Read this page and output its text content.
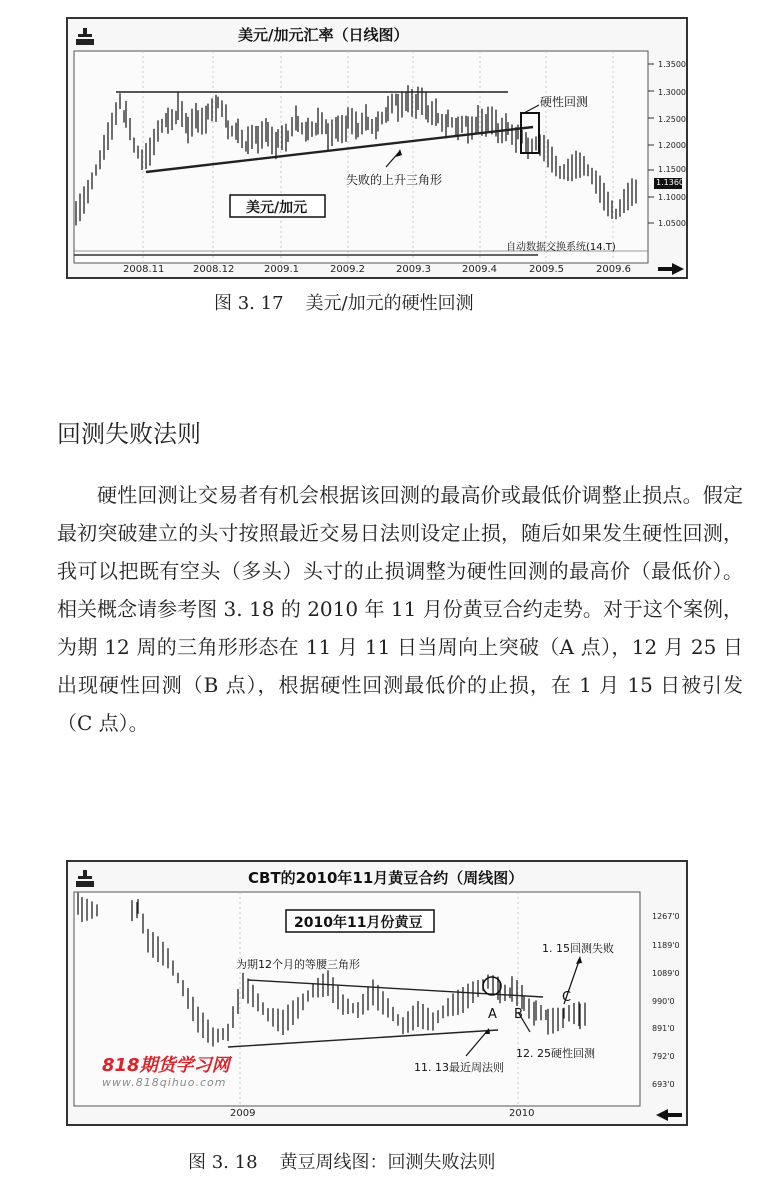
美元/加元汇率（日线图）
美元/加元
硬性回测
失败的上升三角形
自动数据交换系统(14.T)
1.1360
1.3500
1.3000
1.2500
1.2000
1.1500
1.1000
1.0500
2008.11	2008.12	2009.1	2009.2	2009.3	2009.4	2009.5	2009.6
图 3. 17 美元/加元的硬性回测
回测失败法则
硬性回测让交易者有机会根据该回测的最高价或最低价调整止损点。假定最初突破建立的头寸按照最近交易日法则设定止损，随后如果发生硬性回测，我可以把既有空头（多头）头寸的止损调整为硬性回测的最高价（最低价）。相关概念请参考图 3. 18 的 2010 年 11 月份黄豆合约走势。对于这个案例，为期 12 周的三角形形态在 11 月 11 日当周向上突破（A 点），12 月 25 日出现硬性回测（B 点），根据硬性回测最低价的止损，在 1 月 15 日被引发（C 点）。
CBT的2010年11月黄豆合约（周线图）
2010年11月份黄豆
为期12个月的等腰三角形
1. 15回测失败
12. 25硬性回测
11. 13最近周法则
A B
C
1267'0
1189'0
1089'0
990'0
891'0
792'0
693'0
2009	2010
818期货学习网
www.818qihuo.com
图 3. 18 黄豆周线图：回测失败法则
